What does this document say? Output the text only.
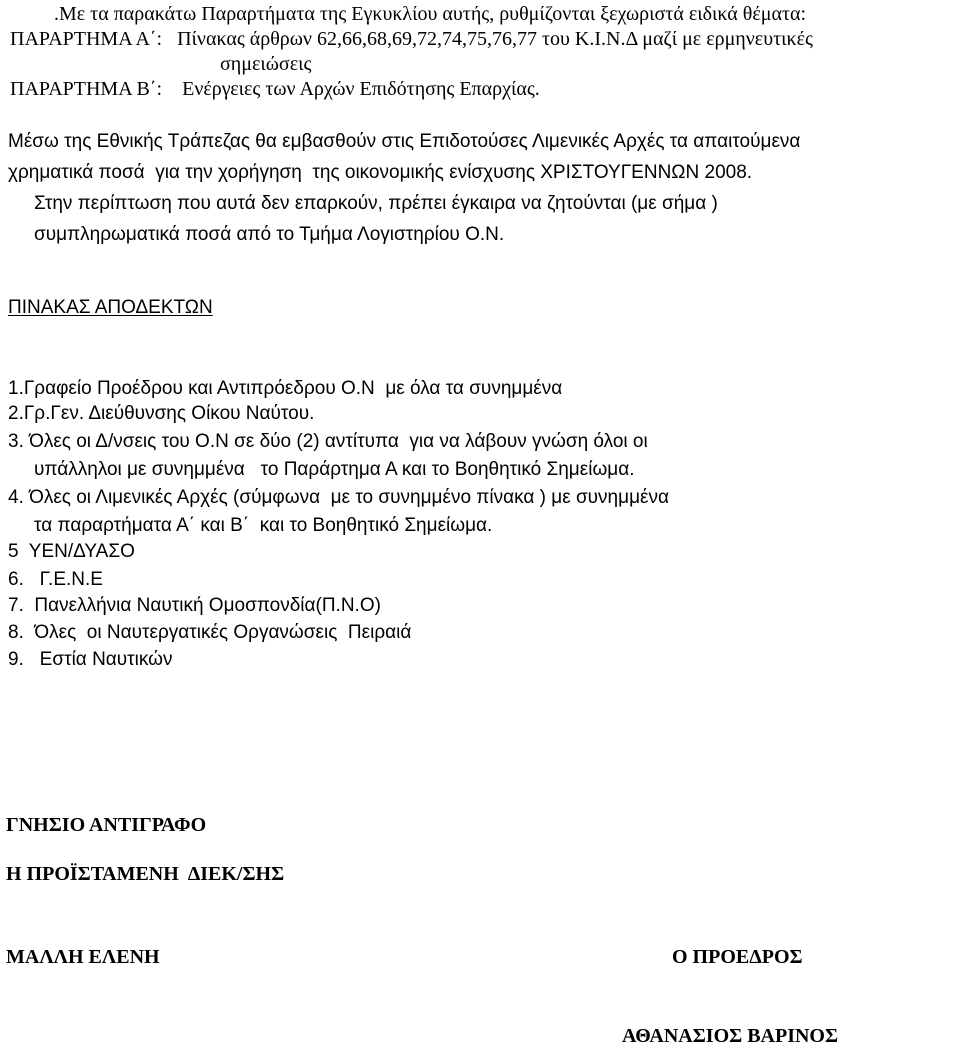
.Με τα παρακάτω Παραρτήματα της Εγκυκλίου αυτής, ρυθμίζονται ξεχωριστά ειδικά θέματα:
ΠΑΡΑΡΤΗΜΑ Α΄:   Πίνακας άρθρων 62,66,68,69,72,74,75,76,77 του Κ.Ι.Ν.Δ μαζί με ερμηνευτικές
σημειώσεις
ΠΑΡΑΡΤΗΜΑ Β΄:    Ενέργειες των Αρχών Επιδότησης Επαρχίας.
Μέσω της Εθνικής Τράπεζας θα εμβασθούν στις Επιδοτούσες Λιμενικές Αρχές τα απαιτούμενα
χρηματικά ποσά  για την χορήγηση  της οικονομικής ενίσχυσης ΧΡΙΣΤΟΥΓΕΝΝΩΝ 2008.
Στην περίπτωση που αυτά δεν επαρκούν, πρέπει έγκαιρα να ζητούνται (με σήμα )
συμπληρωματικά ποσά από το Τμήμα Λογιστηρίου Ο.Ν.
ΠΙΝΑΚΑΣ ΑΠΟΔΕΚΤΩΝ
1.Γραφείο Προέδρου και Αντιπρόεδρου Ο.Ν  με όλα τα συνημμένα
2.Γρ.Γεν. Διεύθυνσης Οίκου Ναύτου.
3. Όλες οι Δ/νσεις του Ο.Ν σε δύο (2) αντίτυπα  για να λάβουν γνώση όλοι οι
υπάλληλοι με συνημμένα   το Παράρτημα Α και το Βοηθητικό Σημείωμα.
4. Όλες οι Λιμενικές Αρχές (σύμφωνα  με το συνημμένο πίνακα ) με συνημμένα
τα παραρτήματα Α΄ και Β΄  και το Βοηθητικό Σημείωμα.
5  ΥΕΝ/ΔΥΑΣΟ
6.   Γ.Ε.Ν.Ε
7.  Πανελλήνια Ναυτική Ομοσπονδία(Π.Ν.Ο)
8.  Όλες  οι Ναυτεργατικές Οργανώσεις  Πειραιά
9.   Εστία Ναυτικών
ΓΝΗΣΙΟ ΑΝΤΙΓΡΑΦΟ
Η ΠΡΟΪΣΤΑΜΕΝΗ  ΔΙΕΚ/ΣΗΣ
ΜΑΛΛΗ ΕΛΕΝΗ	Ο ΠΡΟΕΔΡΟΣ
ΑΘΑΝΑΣΙΟΣ ΒΑΡΙΝΟΣ
